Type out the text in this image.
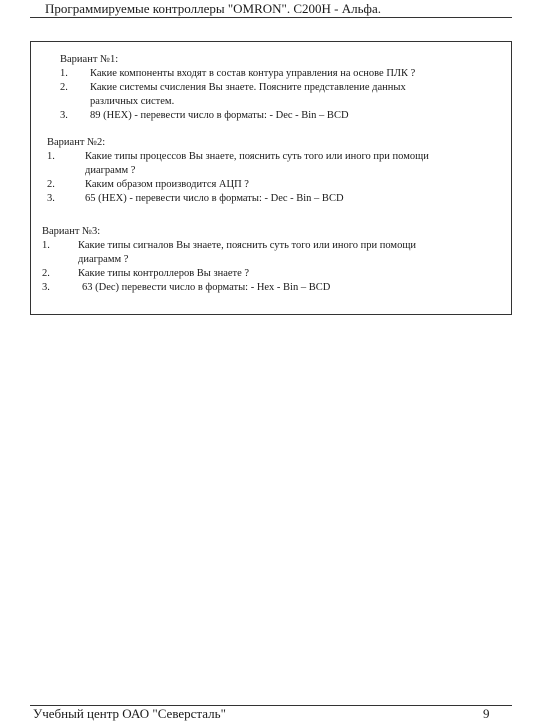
Программируемые контроллеры "OMRON". C200H - Альфа.
Вариант №1:
1. Какие компоненты входят в состав контура управления на основе ПЛК ?
2. Какие системы счисления Вы знаете. Поясните представление данных
различных систем.
3. 89 (HEX) - перевести число в форматы: - Dec - Bin – BCD
Вариант №2:
1.	Какие типы процессов Вы знаете, пояснить суть того или иного при помощи
диаграмм ?
2.	Каким образом производится АЦП ?
3.	65 (HEX) - перевести число в форматы: - Dec - Bin – BCD
Вариант №3:
1.	Какие типы сигналов Вы знаете, пояснить суть того или иного при помощи
диаграмм ?
2.	Какие типы контроллеров Вы знаете ?
3.	63 (Dec) перевести число в форматы: - Hex - Bin – BCD
Учебный центр ОАО "Северсталь"	9
